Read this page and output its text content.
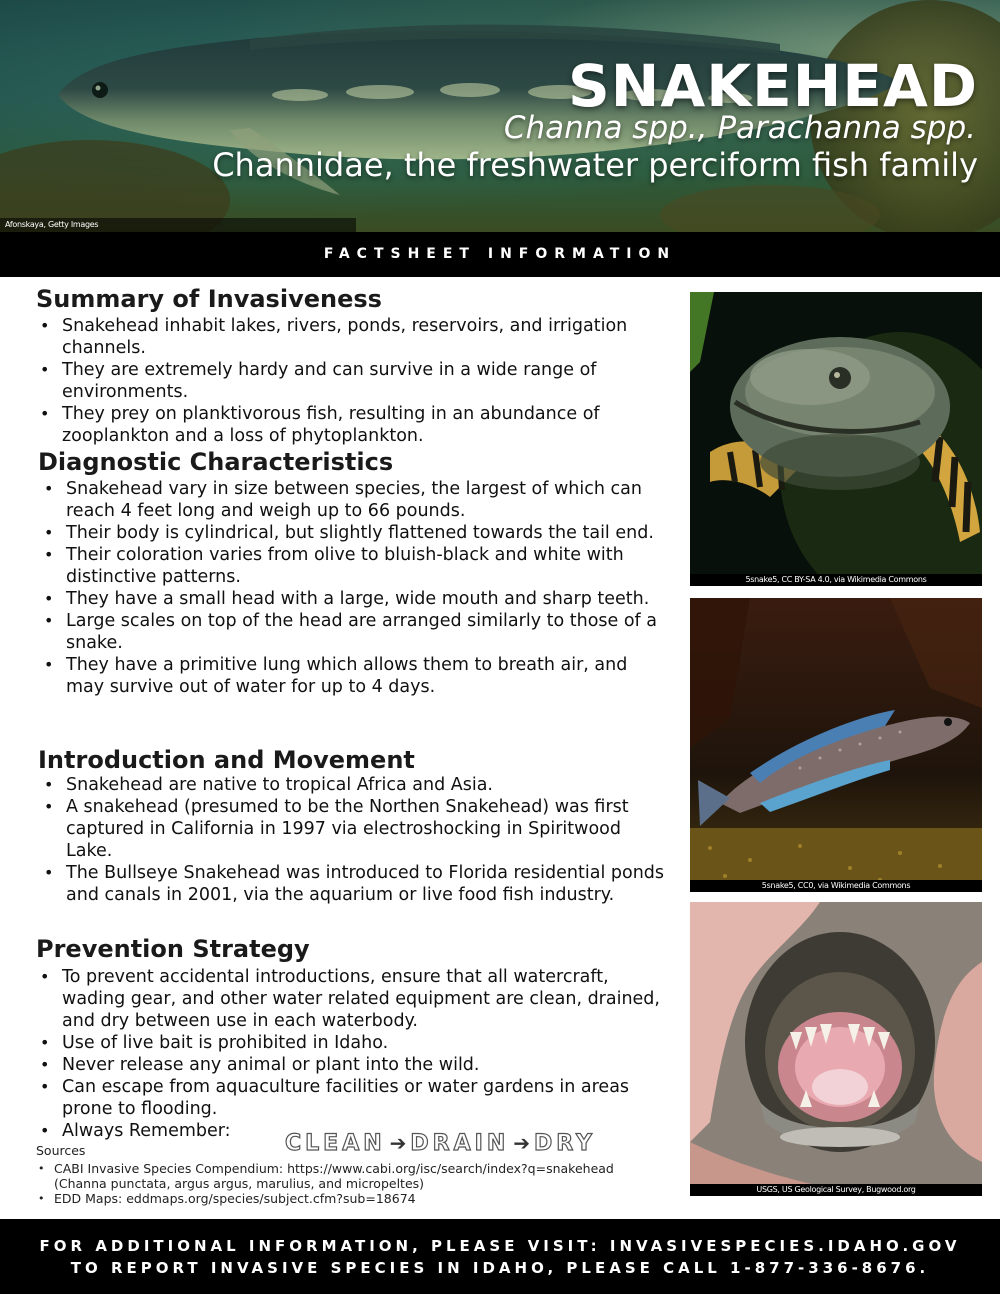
SNAKEHEAD
Channa spp., Parachanna spp.
Channidae, the freshwater perciform fish family
Afonskaya, Getty Images
FACTSHEET INFORMATION
Summary of Invasiveness
• Snakehead inhabit lakes, rivers, ponds, reservoirs, and irrigation channels.
• They are extremely hardy and can survive in a wide range of environments.
• They prey on planktivorous fish, resulting in an abundance of zooplankton and a loss of phytoplankton.
Diagnostic Characteristics
• Snakehead vary in size between species, the largest of which can reach 4 feet long and weigh up to 66 pounds.
• Their body is cylindrical, but slightly flattened towards the tail end.
• Their coloration varies from olive to bluish-black and white with distinctive patterns.
• They have a small head with a large, wide mouth and sharp teeth.
• Large scales on top of the head are arranged similarly to those of a snake.
• They have a primitive lung which allows them to breath air, and may survive out of water for up to 4 days.
Introduction and Movement
• Snakehead are native to tropical Africa and Asia.
• A snakehead (presumed to be the Northen Snakehead) was first captured in California in 1997 via electroshocking in Spiritwood Lake.
• The Bullseye Snakehead was introduced to Florida residential ponds and canals in 2001, via the aquarium or live food fish industry.
Prevention Strategy
• To prevent accidental introductions, ensure that all watercraft, wading gear, and other water related equipment are clean, drained, and dry between use in each waterbody.
• Use of live bait is prohibited in Idaho.
• Never release any animal or plant into the wild.
• Can escape from aquaculture facilities or water gardens in areas prone to flooding.
• Always Remember:	CLEAN ➔ DRAIN ➔ DRY
Sources
• CABI Invasive Species Compendium: https://www.cabi.org/isc/search/index?q=snakehead (Channa punctata, argus argus, marulius, and micropeltes)
• EDD Maps: eddmaps.org/species/subject.cfm?sub=18674
5snake5, CC BY-SA 4.0, via Wikimedia Commons
5snake5, CC0, via Wikimedia Commons
USGS, US Geological Survey, Bugwood.org
FOR ADDITIONAL INFORMATION, PLEASE VISIT: INVASIVESPECIES.IDAHO.GOV
TO REPORT INVASIVE SPECIES IN IDAHO, PLEASE CALL 1-877-336-8676.
